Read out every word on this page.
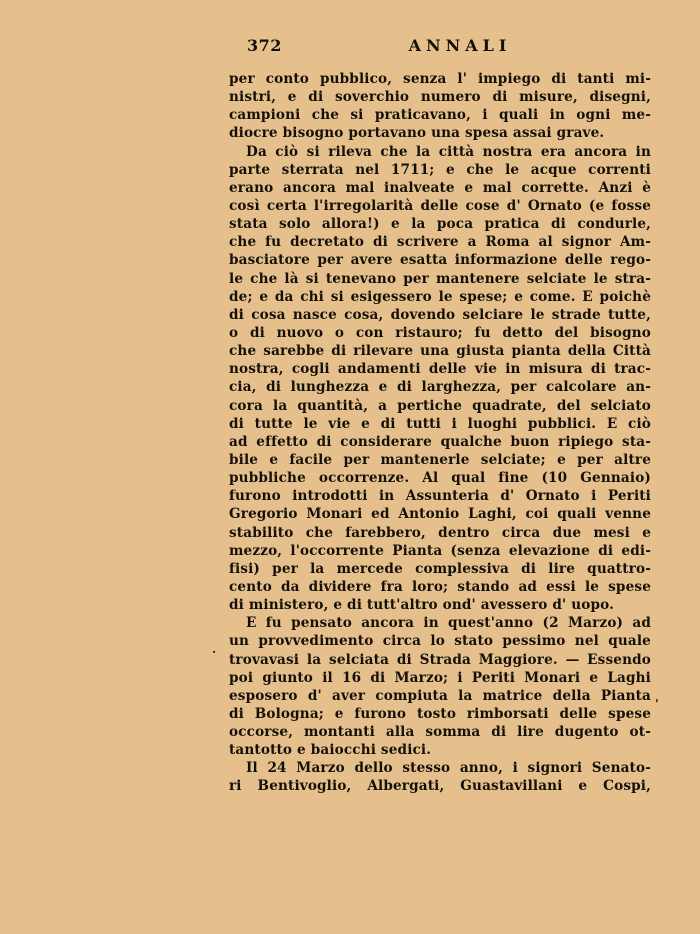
372	ANNALI
per conto pubblico, senza l' impiego di tanti mi-
nistri, e di soverchio numero di misure, disegni,
campioni che si praticavano, i quali in ogni me-
diocre bisogno portavano una spesa assai grave.
Da ciò si rileva che la città nostra era ancora in
parte sterrata nel 1711; e che le acque correnti
erano ancora mal inalveate e mal corrette. Anzi è
così certa l'irregolarità delle cose d' Ornato (e fosse
stata solo allora!) e la poca pratica di condurle,
che fu decretato di scrivere a Roma al signor Am-
basciatore per avere esatta informazione delle rego-
le che là si tenevano per mantenere selciate le stra-
de; e da chi si esigessero le spese; e come. E poichè
di cosa nasce cosa, dovendo selciare le strade tutte,
o di nuovo o con ristauro; fu detto del bisogno
che sarebbe di rilevare una giusta pianta della Città
nostra, cogli andamenti delle vie in misura di trac-
cia, di lunghezza e di larghezza, per calcolare an-
cora la quantità, a pertiche quadrate, del selciato
di tutte le vie e di tutti i luoghi pubblici. E ciò
ad effetto di considerare qualche buon ripiego sta-
bile e facile per mantenerle selciate; e per altre
pubbliche occorrenze. Al qual fine (10 Gennaio)
furono introdotti in Assunteria d' Ornato i Periti
Gregorio Monari ed Antonio Laghi, coi quali venne
stabilito che farebbero, dentro circa due mesi e
mezzo, l'occorrente Pianta (senza elevazione di edi-
fisi) per la mercede complessiva di lire quattro-
cento da dividere fra loro; stando ad essi le spese
di ministero, e di tutt'altro ond' avessero d' uopo.
E fu pensato ancora in quest'anno (2 Marzo) ad
un provvedimento circa lo stato pessimo nel quale
trovavasi la selciata di Strada Maggiore. — Essendo
poi giunto il 16 di Marzo; i Periti Monari e Laghi
esposero d' aver compiuta la matrice della Pianta
di Bologna; e furono tosto rimborsati delle spese
occorse, montanti alla somma di lire dugento ot-
tantotto e baiocchi sedici.
Il 24 Marzo dello stesso anno, i signori Senato-
ri Bentivoglio, Albergati, Guastavillani e Cospi,
·
'
